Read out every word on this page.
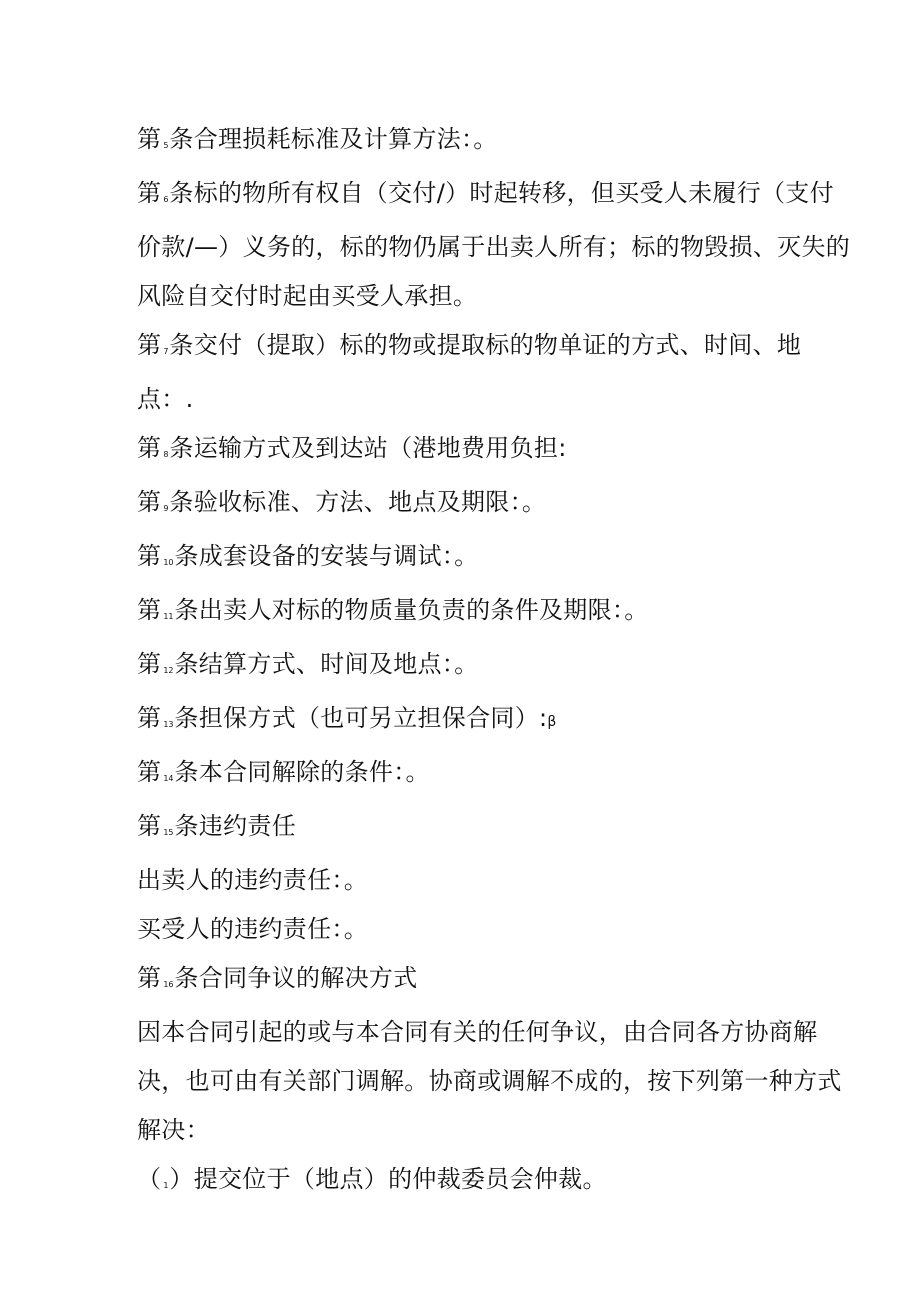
第 5条合理损耗标准及计算方法：。
第 6条标的物所有权自（交付/）时起转移，但买受人未履行（支付价款/—）义务的，标的物仍属于出卖人所有；标的物毁损、灭失的风险自交付时起由买受人承担。
第 7条交付（提取）标的物或提取标的物单证的方式、时间、地点：.
第 8条运输方式及到达站（港地费用负担:
第 9条验收标准、方法、地点及期限：。
第 10条成套设备的安装与调试：。
第 11条出卖人对标的物质量负责的条件及期限：。
第 12条结算方式、时间及地点：。
第 13条担保方式（也可另立担保合同）:β
第 14条本合同解除的条件：。
第 15条违约责任
出卖人的违约责任：。
买受人的违约责任：。
第 16条合同争议的解决方式
因本合同引起的或与本合同有关的任何争议，由合同各方协商解决，也可由有关部门调解。协商或调解不成的，按下列第一种方式解决：
（ 1）提交位于（地点）的仲裁委员会仲裁。
